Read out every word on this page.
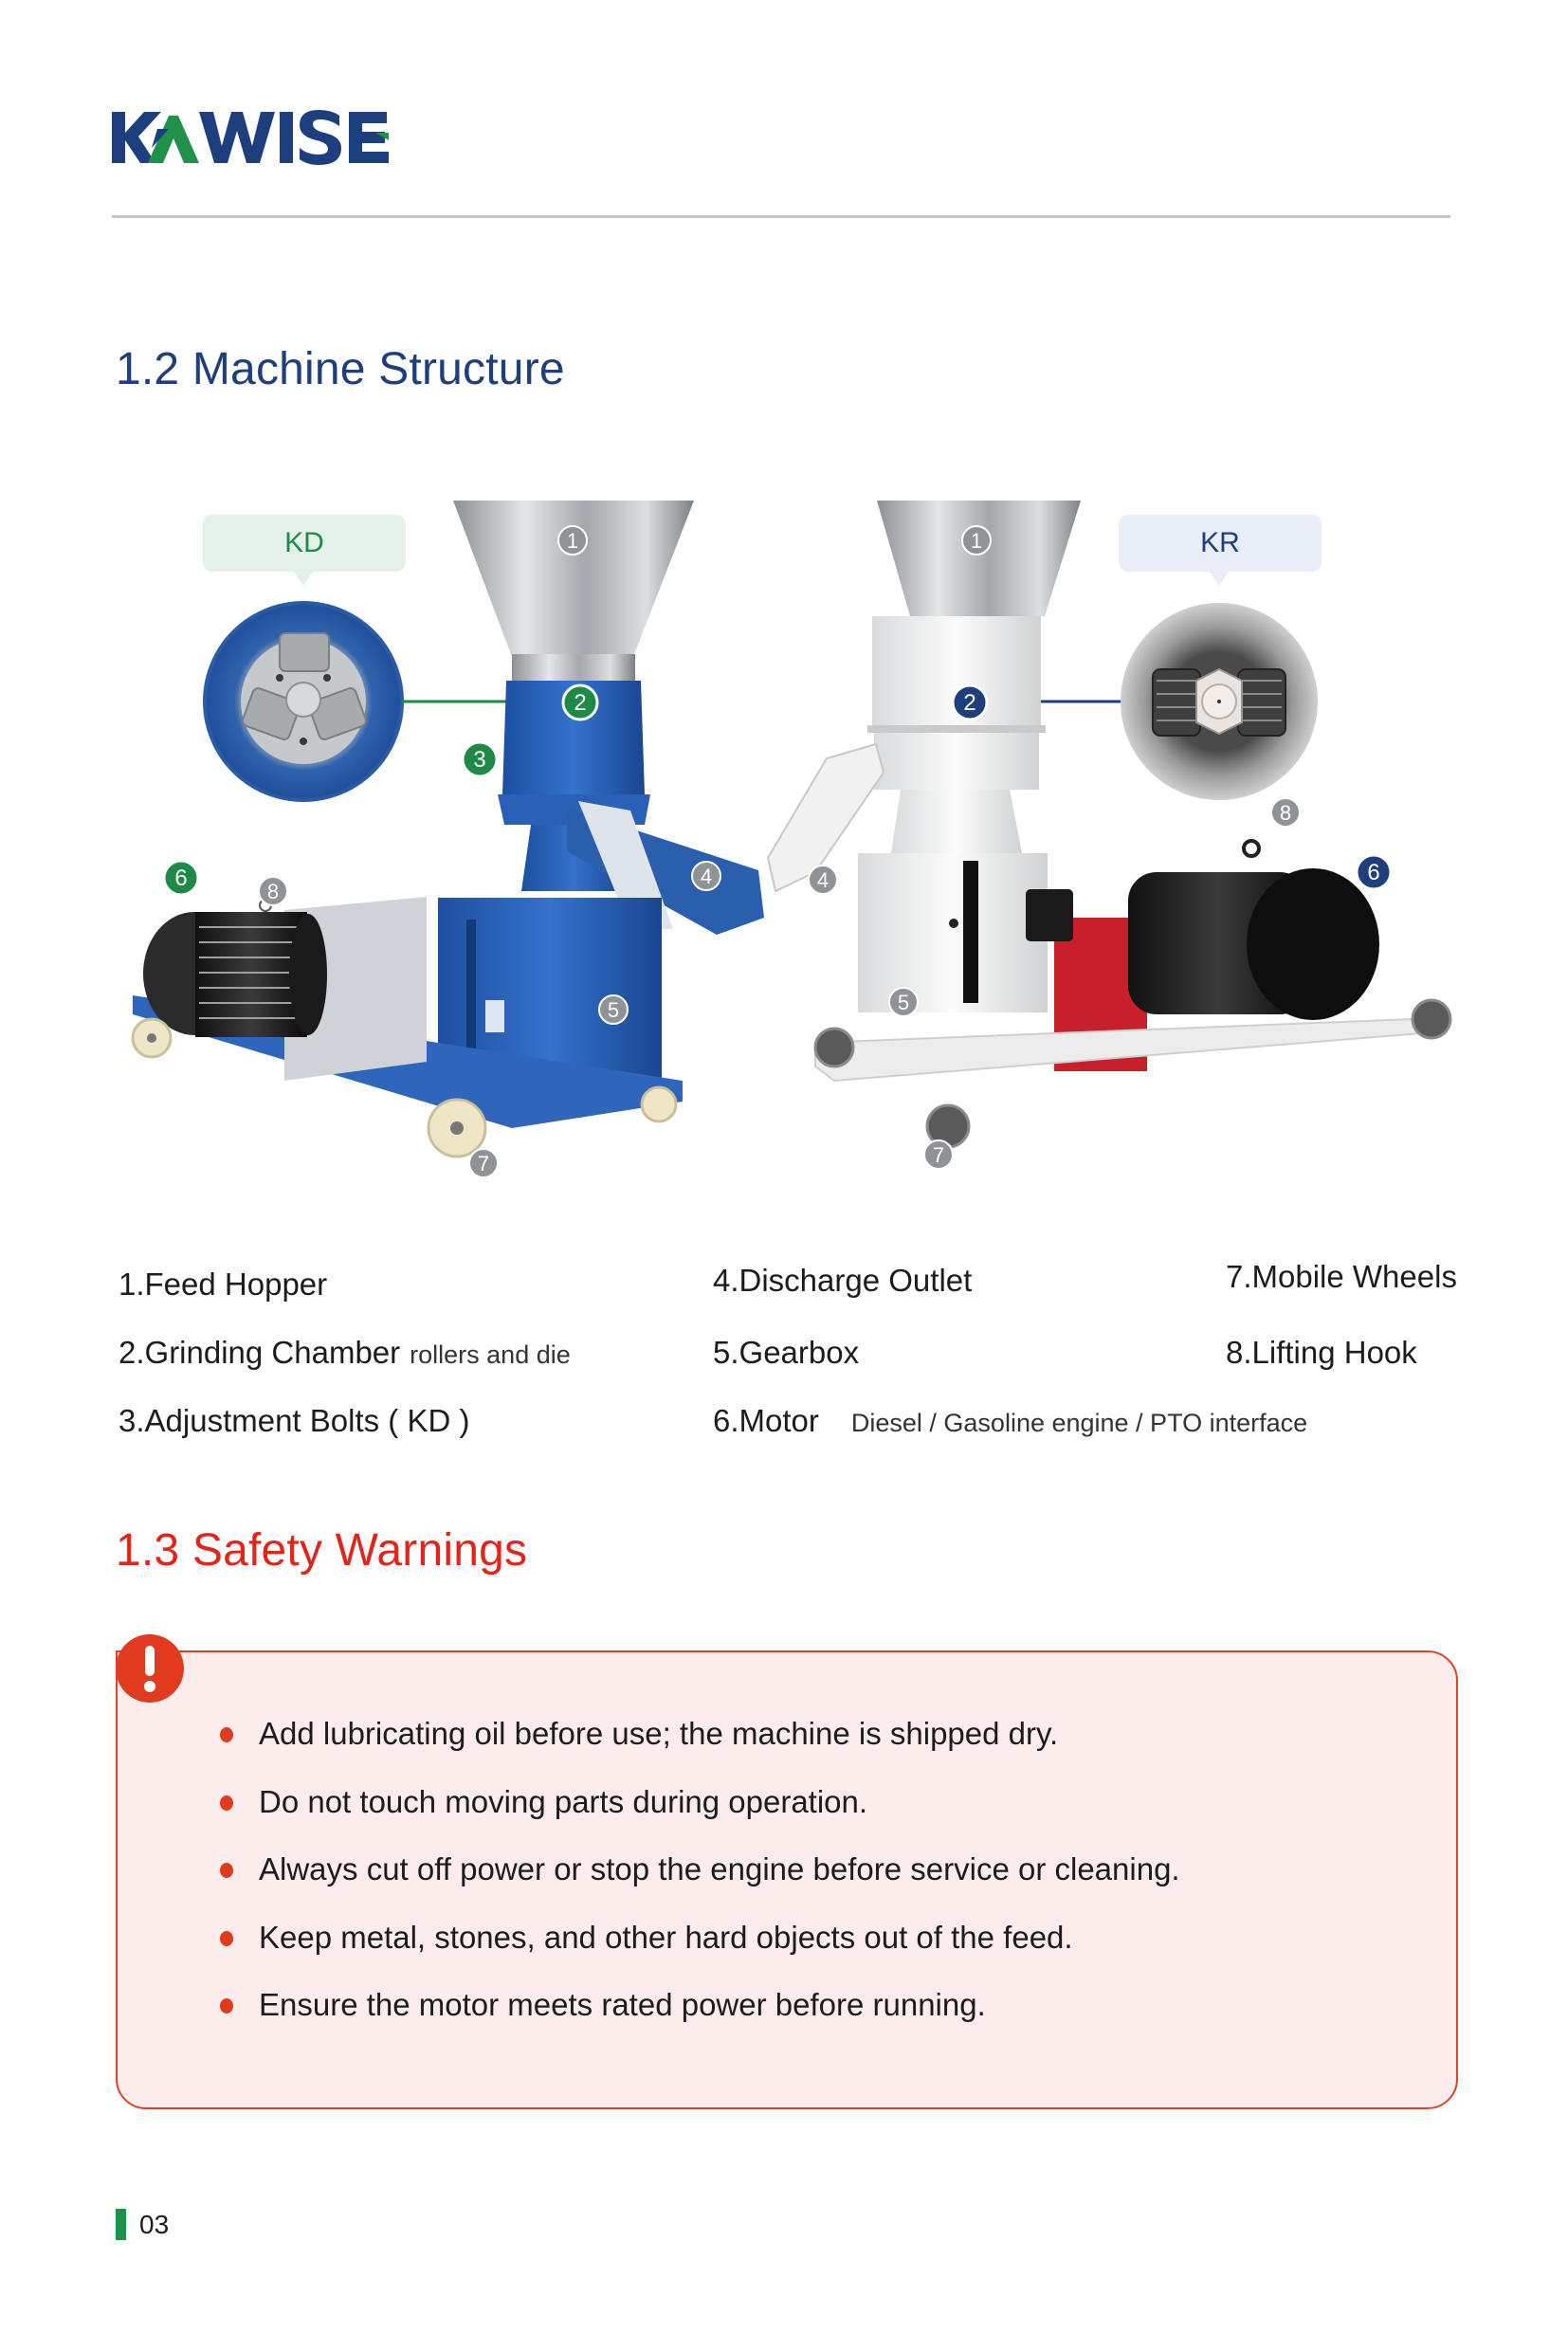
1.2 Machine Structure
1
4
5
7
8
2
3
6
1
4
5
7
8
2
6
KD	KR
1.Feed Hopper
2.Grinding Chamber rollers and die
3.Adjustment Bolts ( KD )
4.Discharge Outlet
5.Gearbox
6.Motor Diesel / Gasoline engine / PTO interface
7.Mobile Wheels
8.Lifting Hook
1.3 Safety Warnings
Add lubricating oil before use; the machine is shipped dry.
Do not touch moving parts during operation.
Always cut off power or stop the engine before service or cleaning.
Keep metal, stones, and other hard objects out of the feed.
Ensure the motor meets rated power before running.
03
